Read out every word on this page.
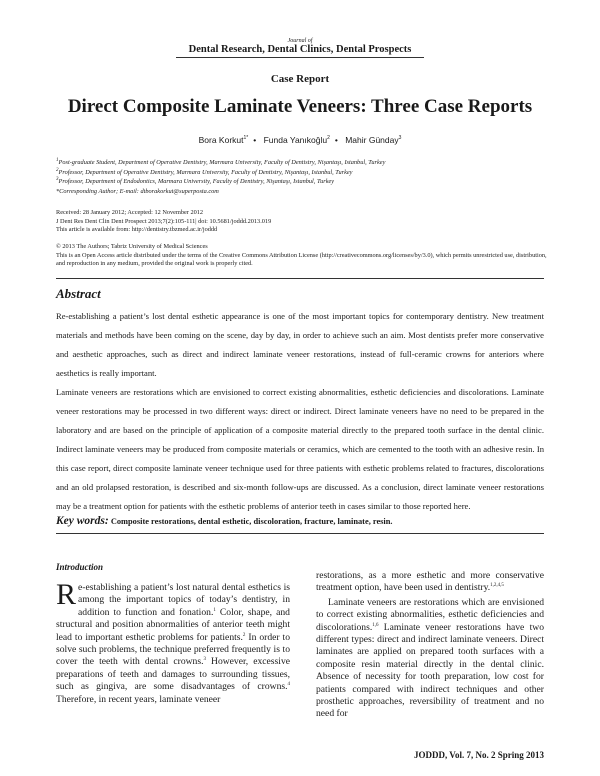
Journal of
Dental Research, Dental Clinics, Dental Prospects
Case Report
Direct Composite Laminate Veneers: Three Case Reports
Bora Korkut$^{1*}$ • Funda Yanıkoğlu$^2$ • Mahir Günday$^3$
$^1$Post-graduate Student, Department of Operative Dentistry, Marmara University, Faculty of Dentistry, Nişantaşı, Istanbul, Turkey
$^2$Professor, Department of Operative Dentistry, Marmara University, Faculty of Dentistry, Nişantaşı, Istanbul, Turkey
$^3$Professor, Department of Endodontics, Marmara University, Faculty of Dentistry, Nişantaşı, Istanbul, Turkey
*Corresponding Author; E-mail: dtborakorkut@superposta.com
Received: 28 January 2012; Accepted: 12 November 2012
J Dent Res Dent Clin Dent Prospect 2013;7(2):105-111| doi: 10.5681/joddd.2013.019
This article is available from: http://dentistry.tbzmed.ac.ir/joddd
© 2013 The Authors; Tabriz University of Medical Sciences
This is an Open Access article distributed under the terms of the Creative Commons Attribution License (http://creativecommons.org/licenses/by/3.0), which permits unrestricted use, distribution, and reproduction in any medium, provided the original work is properly cited.
Abstract

Re-establishing a patient’s lost dental esthetic appearance is one of the most important topics for contemporary dentistry. New treatment materials and methods have been coming on the scene, day by day, in order to achieve such an aim. Most dentists prefer more conservative and aesthetic approaches, such as direct and indirect laminate veneer restorations, instead of full-ceramic crowns for anteriors where aesthetics is really important.

Laminate veneers are restorations which are envisioned to correct existing abnormalities, esthetic deficiencies and discolorations. Laminate veneer restorations may be processed in two different ways: direct or indirect. Direct laminate veneers have no need to be prepared in the laboratory and are based on the principle of application of a composite material directly to the prepared tooth surface in the dental clinic. Indirect laminate veneers may be produced from composite materials or ceramics, which are cemented to the tooth with an adhesive resin. In this case report, direct composite laminate veneer technique used for three patients with esthetic problems related to fractures, discolorations and an old prolapsed restoration, is described and six-month follow-ups are discussed. As a conclusion, direct laminate veneer restorations may be a treatment option for patients with the esthetic problems of anterior teeth in cases similar to those reported here.

Key words: Composite restorations, dental esthetic, discoloration, fracture, laminate, resin.
Introduction

Re-establishing a patient’s lost natural dental esthetics is among the important topics of today’s dentistry, in addition to function and fonation.$^1$ Color, shape, and structural and position abnormalities of anterior teeth might lead to important esthetic problems for patients.$^2$ In order to solve such problems, the technique preferred frequently is to cover the teeth with dental crowns.$^3$ However, excessive preparations of teeth and damages to surrounding tissues, such as gingiva, are some disadvantages of crowns.$^4$ Therefore, in recent years, laminate veneer

restorations, as a more esthetic and more conservative treatment option, have been used in dentistry.$^{1,2,4,5}$

Laminate veneers are restorations which are envisioned to correct existing abnormalities, esthetic deficiencies and discolorations.$^{1,6}$ Laminate veneer restorations have two different types: direct and indirect laminate veneers. Direct laminates are applied on prepared tooth surfaces with a composite resin material directly in the dental clinic. Absence of necessity for tooth preparation, low cost for patients compared with indirect techniques and other prosthetic approaches, reversibility of treatment and no need for

JODDD, Vol. 7, No. 2 Spring 2013
